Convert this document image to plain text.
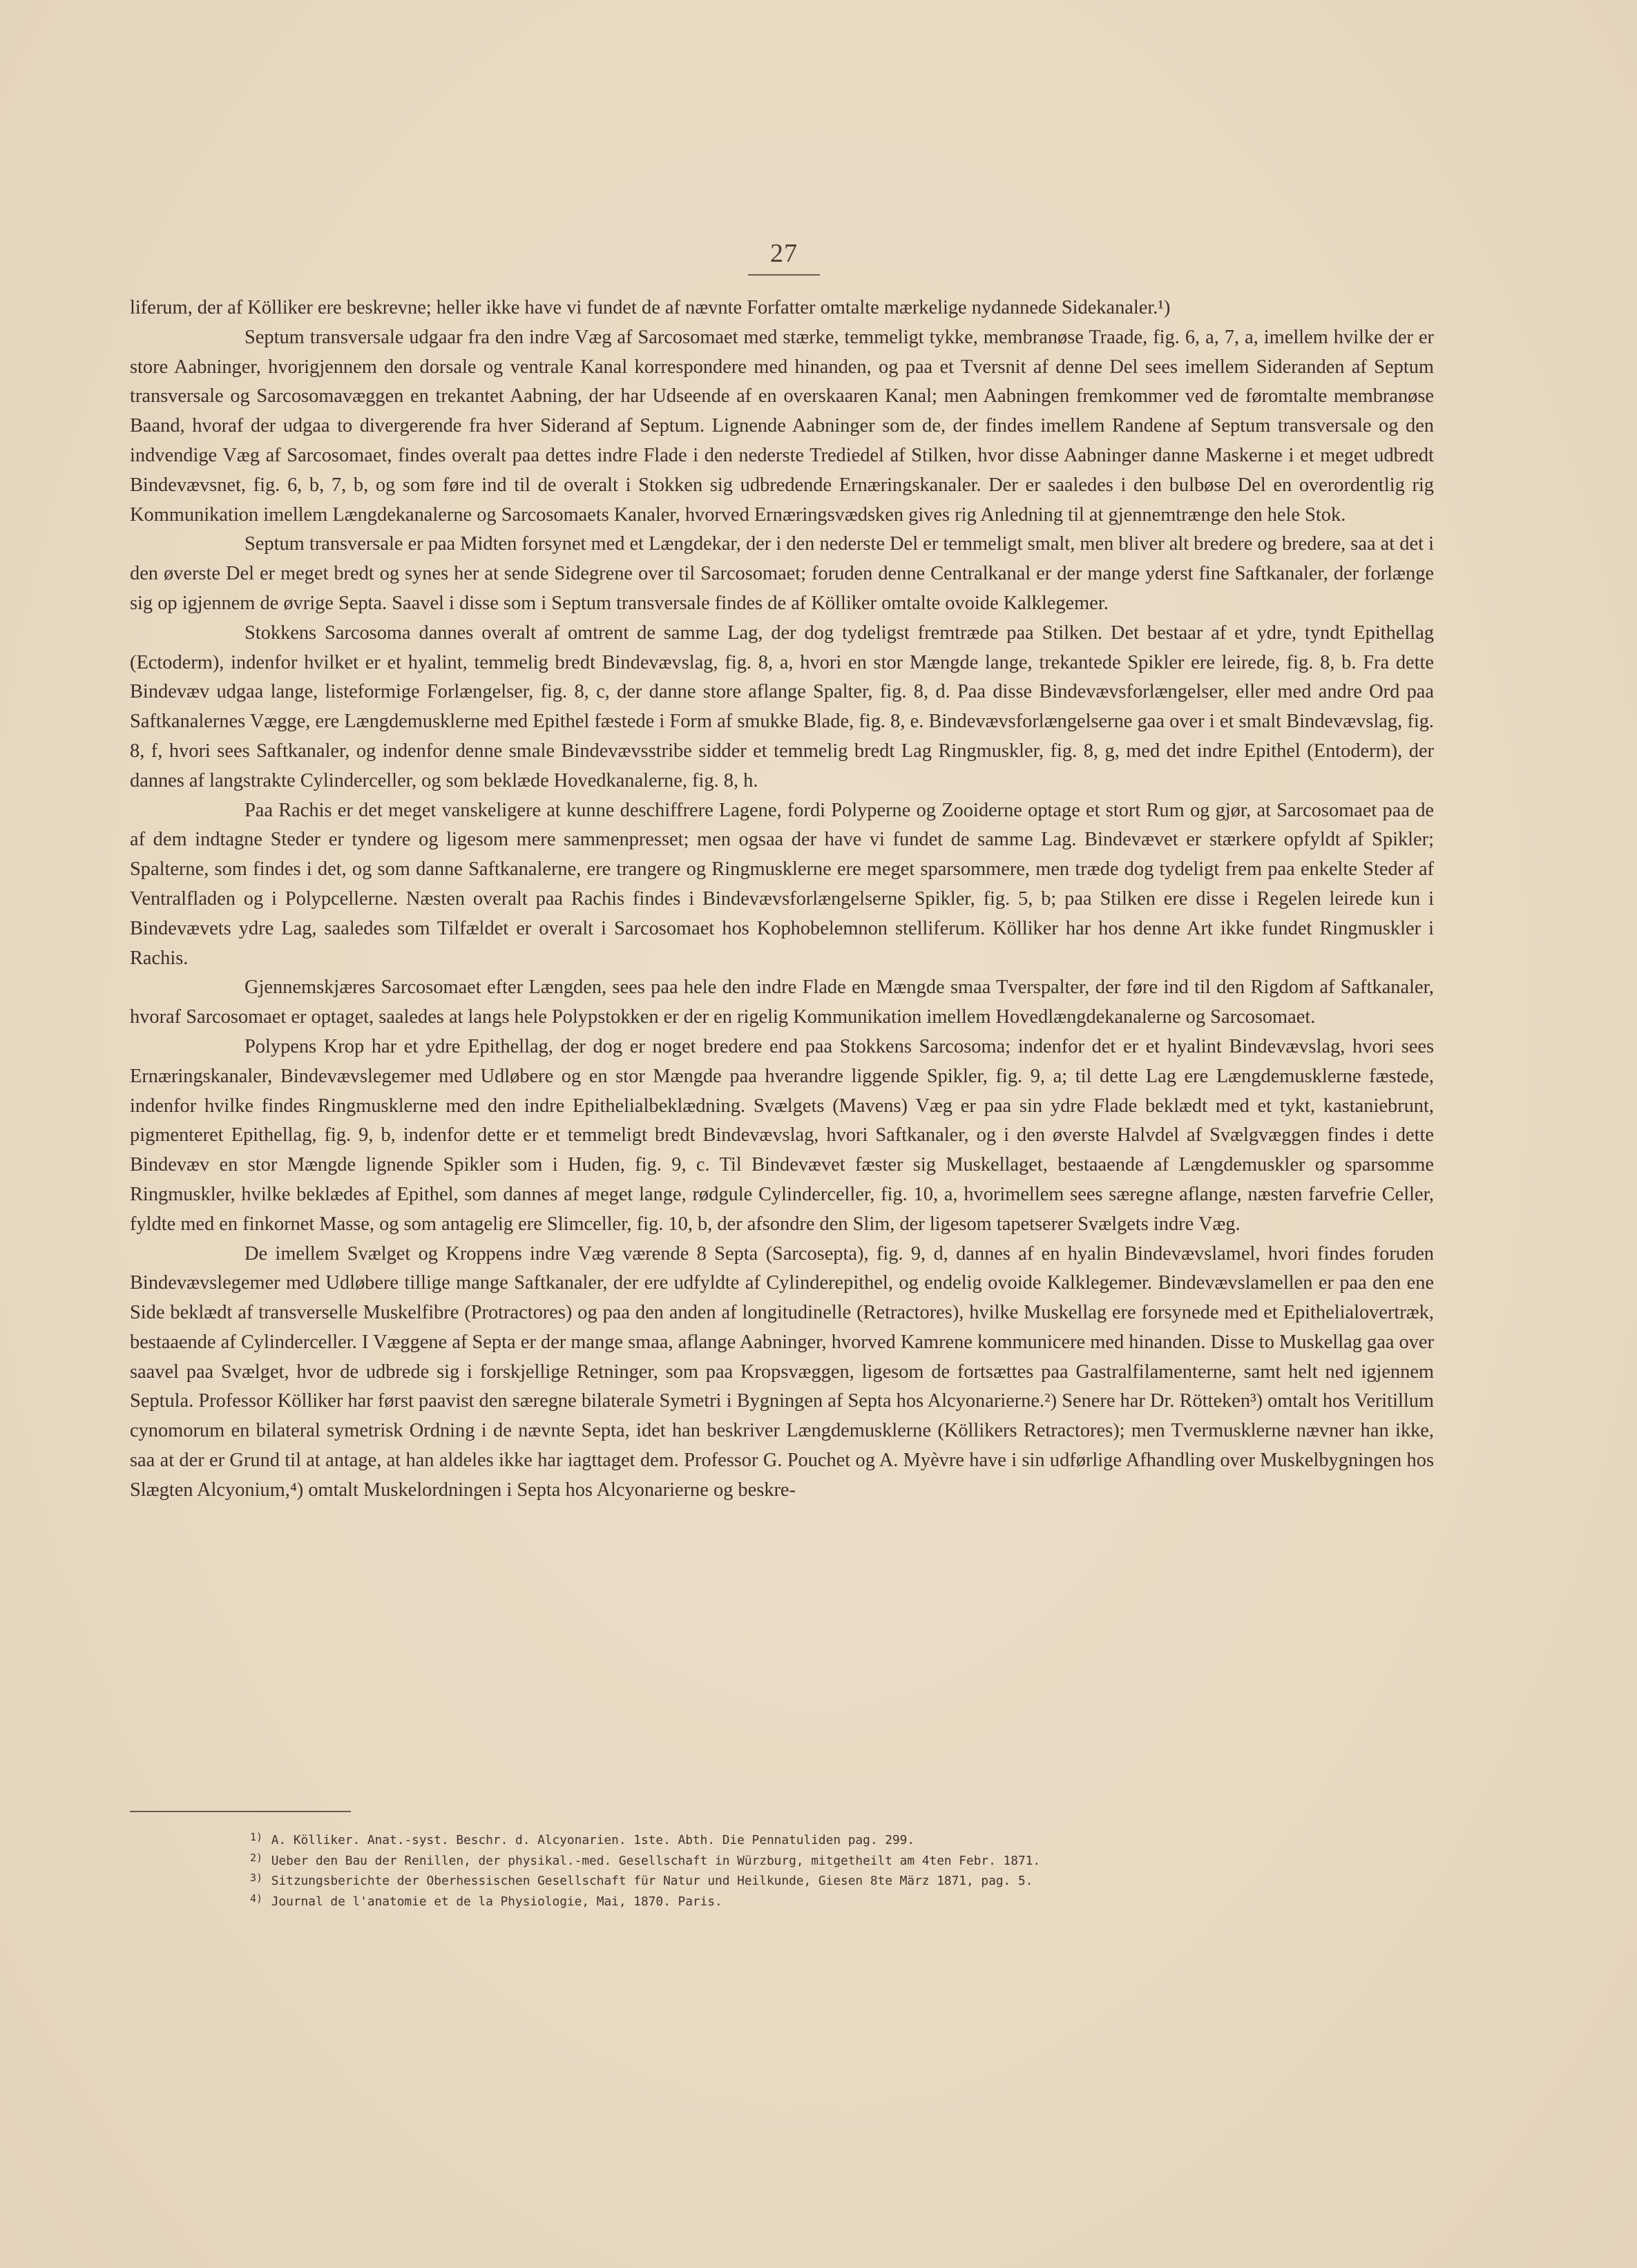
27

liferum, der af Kölliker ere beskrevne; heller ikke have vi fundet de af nævnte Forfatter omtalte mærkelige nydannede Sidekanaler.¹)

Septum transversale udgaar fra den indre Væg af Sarcosomaet med stærke, temmeligt tykke, membranøse Traade, fig. 6, a, 7, a, imellem hvilke der er store Aabninger, hvorigjennem den dorsale og ventrale Kanal korrespondere med hinanden, og paa et Tversnit af denne Del sees imellem Sideranden af Septum transversale og Sarcosomavæggen en trekantet Aabning, der har Udseende af en overskaaren Kanal; men Aabningen fremkommer ved de føromtalte membranøse Baand, hvoraf der udgaa to divergerende fra hver Siderand af Septum. Lignende Aabninger som de, der findes imellem Randene af Septum transversale og den indvendige Væg af Sarcosomaet, findes overalt paa dettes indre Flade i den nederste Trediedel af Stilken, hvor disse Aabninger danne Maskerne i et meget udbredt Bindevævsnet, fig. 6, b, 7, b, og som føre ind til de overalt i Stokken sig udbredende Ernæringskanaler. Der er saaledes i den bulbøse Del en overordentlig rig Kommunikation imellem Længdekanalerne og Sarcosomaets Kanaler, hvorved Ernæringsvædsken gives rig Anledning til at gjennemtrænge den hele Stok.

Septum transversale er paa Midten forsynet med et Længdekar, der i den nederste Del er temmeligt smalt, men bliver alt bredere og bredere, saa at det i den øverste Del er meget bredt og synes her at sende Sidegrene over til Sarcosomaet; foruden denne Centralkanal er der mange yderst fine Saftkanaler, der forlænge sig op igjennem de øvrige Septa. Saavel i disse som i Septum transversale findes de af Kölliker omtalte ovoide Kalklegemer.

Stokkens Sarcosoma dannes overalt af omtrent de samme Lag, der dog tydeligst fremtræde paa Stilken. Det bestaar af et ydre, tyndt Epithellag (Ectoderm), indenfor hvilket er et hyalint, temmelig bredt Bindevævslag, fig. 8, a, hvori en stor Mængde lange, trekantede Spikler ere leirede, fig. 8, b. Fra dette Bindevæv udgaa lange, listeformige Forlængelser, fig. 8, c, der danne store aflange Spalter, fig. 8, d. Paa disse Bindevævsforlængelser, eller med andre Ord paa Saftkanalernes Vægge, ere Længdemusklerne med Epithel fæstede i Form af smukke Blade, fig. 8, e. Bindevævsforlængelserne gaa over i et smalt Bindevævslag, fig. 8, f, hvori sees Saftkanaler, og indenfor denne smale Bindevævsstribe sidder et temmelig bredt Lag Ringmuskler, fig. 8, g, med det indre Epithel (Entoderm), der dannes af langstrakte Cylinderceller, og som beklæde Hovedkanalerne, fig. 8, h.

Paa Rachis er det meget vanskeligere at kunne deschiffrere Lagene, fordi Polyperne og Zooiderne optage et stort Rum og gjør, at Sarcosomaet paa de af dem indtagne Steder er tyndere og ligesom mere sammenpresset; men ogsaa der have vi fundet de samme Lag. Bindevævet er stærkere opfyldt af Spikler; Spalterne, som findes i det, og som danne Saftkanalerne, ere trangere og Ringmusklerne ere meget sparsommere, men træde dog tydeligt frem paa enkelte Steder af Ventralfladen og i Polypcellerne. Næsten overalt paa Rachis findes i Bindevævsforlængelserne Spikler, fig. 5, b; paa Stilken ere disse i Regelen leirede kun i Bindevævets ydre Lag, saaledes som Tilfældet er overalt i Sarcosomaet hos Kophobelemnon stelliferum. Kölliker har hos denne Art ikke fundet Ringmuskler i Rachis.

Gjennemskjæres Sarcosomaet efter Længden, sees paa hele den indre Flade en Mængde smaa Tverspalter, der føre ind til den Rigdom af Saftkanaler, hvoraf Sarcosomaet er optaget, saaledes at langs hele Polypstokken er der en rigelig Kommunikation imellem Hovedlængdekanalerne og Sarcosomaet.

Polypens Krop har et ydre Epithellag, der dog er noget bredere end paa Stokkens Sarcosoma; indenfor det er et hyalint Bindevævslag, hvori sees Ernæringskanaler, Bindevævslegemer med Udløbere og en stor Mængde paa hverandre liggende Spikler, fig. 9, a; til dette Lag ere Længdemusklerne fæstede, indenfor hvilke findes Ringmusklerne med den indre Epithelialbeklædning. Svælgets (Mavens) Væg er paa sin ydre Flade beklædt med et tykt, kastaniebrunt, pigmenteret Epithellag, fig. 9, b, indenfor dette er et temmeligt bredt Bindevævslag, hvori Saftkanaler, og i den øverste Halvdel af Svælgvæggen findes i dette Bindevæv en stor Mængde lignende Spikler som i Huden, fig. 9, c. Til Bindevævet fæster sig Muskellaget, bestaaende af Længdemuskler og sparsomme Ringmuskler, hvilke beklædes af Epithel, som dannes af meget lange, rødgule Cylinderceller, fig. 10, a, hvorimellem sees særegne aflange, næsten farvefrie Celler, fyldte med en finkornet Masse, og som antagelig ere Slimceller, fig. 10, b, der afsondre den Slim, der ligesom tapetserer Svælgets indre Væg.

De imellem Svælget og Kroppens indre Væg værende 8 Septa (Sarcosepta), fig. 9, d, dannes af en hyalin Bindevævslamel, hvori findes foruden Bindevævslegemer med Udløbere tillige mange Saftkanaler, der ere udfyldte af Cylinderepithel, og endelig ovoide Kalklegemer. Bindevævslamellen er paa den ene Side beklædt af transverselle Muskelfibre (Protractores) og paa den anden af longitudinelle (Retractores), hvilke Muskellag ere forsynede med et Epithelialovertræk, bestaaende af Cylinderceller. I Væggene af Septa er der mange smaa, aflange Aabninger, hvorved Kamrene kommunicere med hinanden. Disse to Muskellag gaa over saavel paa Svælget, hvor de udbrede sig i forskjellige Retninger, som paa Kropsvæggen, ligesom de fortsættes paa Gastralfilamenterne, samt helt ned igjennem Septula. Professor Kölliker har først paavist den særegne bilaterale Symetri i Bygningen af Septa hos Alcyonarierne.²) Senere har Dr. Rötteken³) omtalt hos Veritillum cynomorum en bilateral symetrisk Ordning i de nævnte Septa, idet han beskriver Længdemusklerne (Köllikers Retractores); men Tvermusklerne nævner han ikke, saa at der er Grund til at antage, at han aldeles ikke har iagttaget dem. Professor G. Pouchet og A. Myèvre have i sin udførlige Afhandling over Muskelbygningen hos Slægten Alcyonium,⁴) omtalt Muskelordningen i Septa hos Alcyonarierne og beskre-

1) A. Kölliker. Anat.-syst. Beschr. d. Alcyonarien. 1ste. Abth. Die Pennatuliden pag. 299.
2) Ueber den Bau der Renillen, der physikal.-med. Gesellschaft in Würzburg, mitgetheilt am 4ten Febr. 1871.
3) Sitzungsberichte der Oberhessischen Gesellschaft für Natur und Heilkunde, Giesen 8te März 1871, pag. 5.
4) Journal de l'anatomie et de la Physiologie, Mai, 1870. Paris.
